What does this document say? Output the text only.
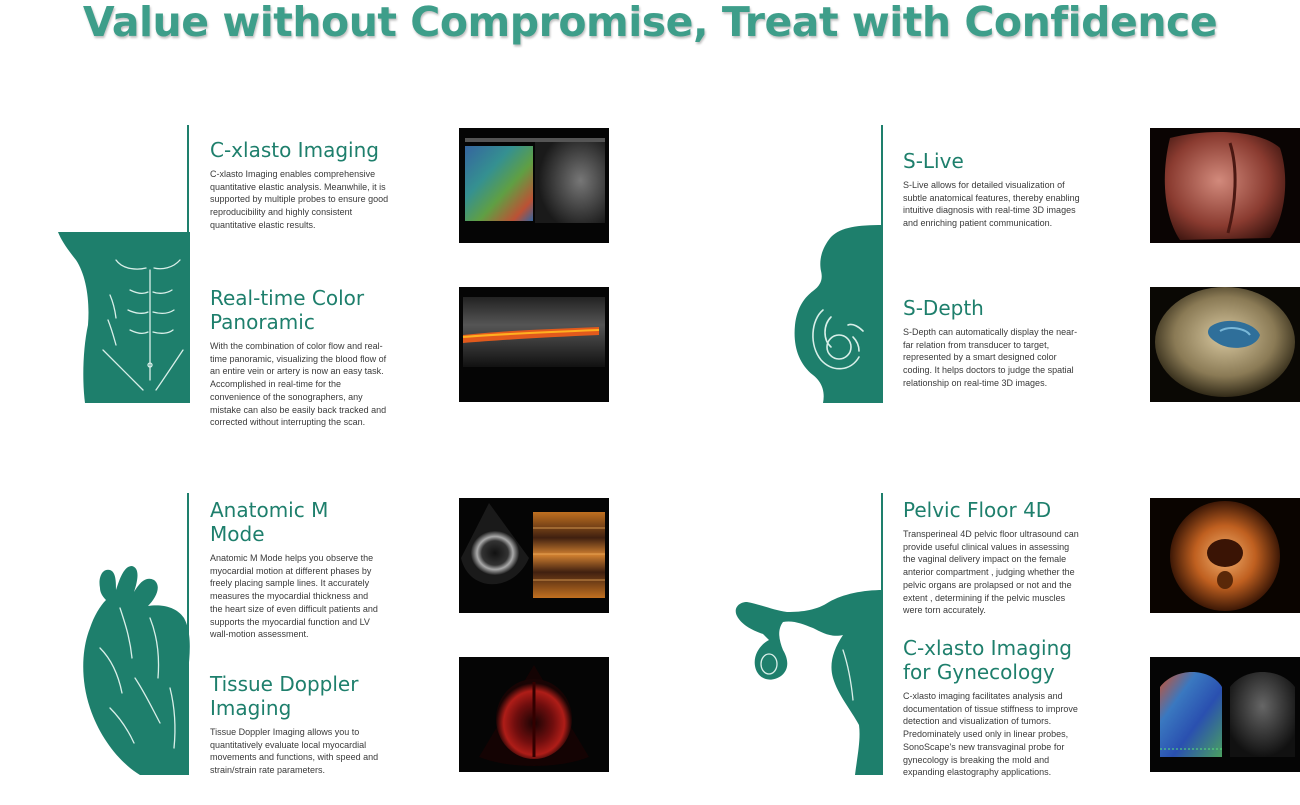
Value without Compromise, Treat with Confidence
C-xlasto Imaging

C-xlasto Imaging enables comprehensive quantitative elastic analysis. Meanwhile, it is supported by multiple probes to ensure good reproducibility and highly consistent quantitative elastic results.

Real-time Color Panoramic

With the combination of color flow and real-time panoramic, visualizing the blood flow of an entire vein or artery is now an easy task. Accomplished in real-time for the convenience of the sonographers, any mistake can also be easily back tracked and corrected without interrupting the scan.

S-Live

S-Live allows for detailed visualization of subtle anatomical features, thereby enabling intuitive diagnosis with real-time 3D images and enriching patient communication.

S-Depth

S-Depth can automatically display the near-far relation from transducer to target, represented by a smart designed color coding. It helps doctors to judge the spatial relationship on real-time 3D images.

Anatomic M Mode

Anatomic M Mode helps you observe the myocardial motion at different phases by freely placing sample lines. It accurately measures the myocardial thickness and the heart size of even difficult patients and supports the myocardial function and LV wall-motion assessment.

Tissue Doppler Imaging

Tissue Doppler Imaging allows you to quantitatively evaluate local myocardial movements and functions, with speed and strain/strain rate parameters.

Pelvic Floor 4D

Transperineal 4D pelvic floor ultrasound can provide useful clinical values in assessing the vaginal delivery impact on the female anterior compartment , judging whether the pelvic organs are prolapsed or not and the extent , determining if the pelvic muscles were torn accurately.

C-xlasto Imaging for Gynecology

C-xlasto imaging facilitates analysis and documentation of tissue stiffness to improve detection and visualization of tumors. Predominately used only in linear probes, SonoScape's new transvaginal probe for gynecology is breaking the mold and expanding elastography applications.
